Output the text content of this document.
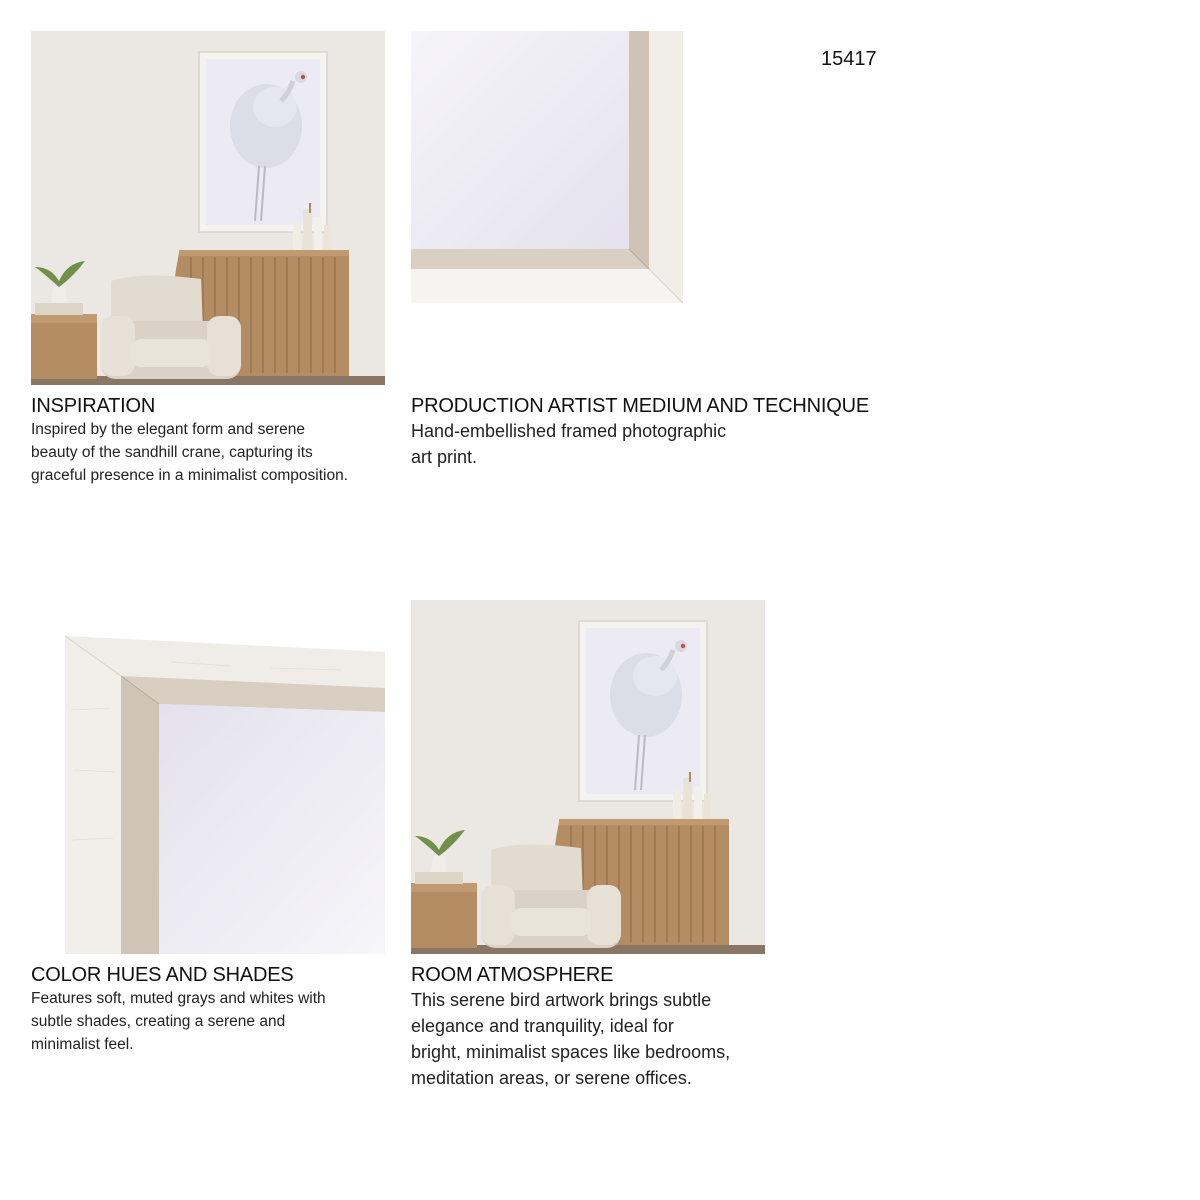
15417
INSPIRATION
Inspired by the elegant form and serene
beauty of the sandhill crane, capturing its
graceful presence in a minimalist composition.
PRODUCTION ARTIST MEDIUM AND TECHNIQUE
Hand-embellished framed photographic
art print.
COLOR HUES AND SHADES
Features soft, muted grays and whites with
subtle shades, creating a serene and
minimalist feel.
ROOM ATMOSPHERE
This serene bird artwork brings subtle
elegance and tranquility, ideal for
bright, minimalist spaces like bedrooms,
meditation areas, or serene offices.
